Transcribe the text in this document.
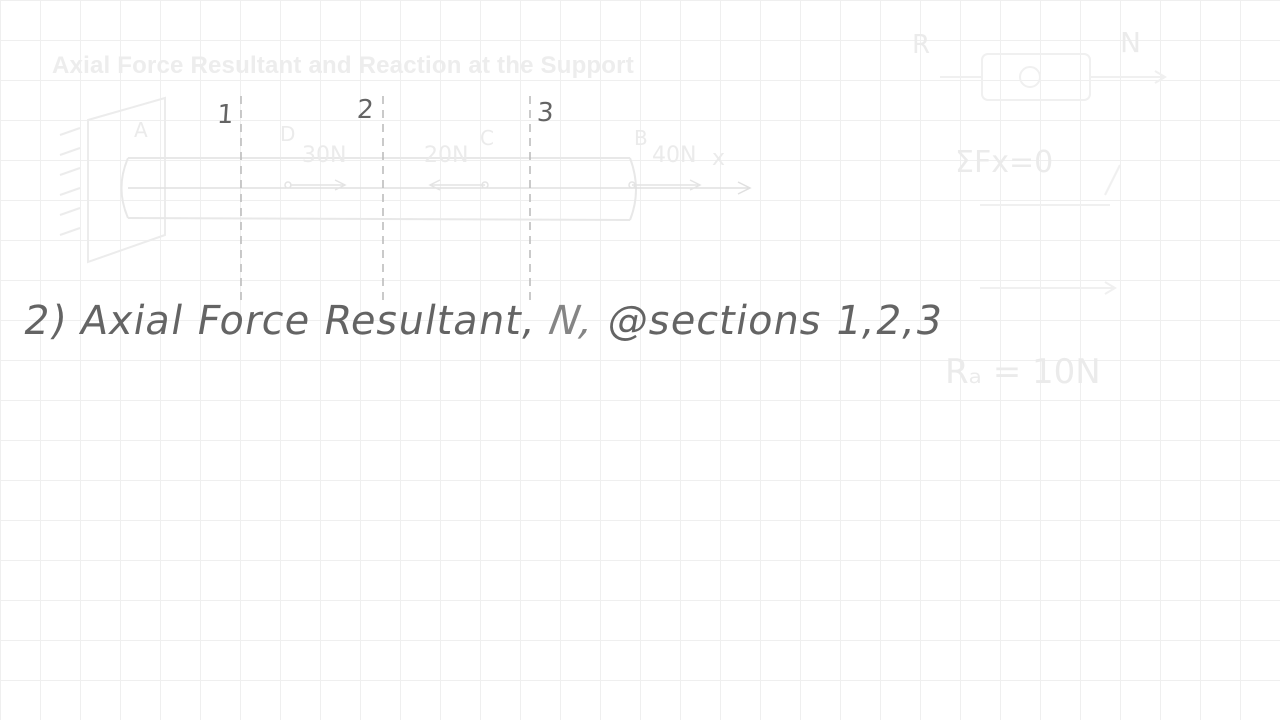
Axial Force Resultant and Reaction at the Support
1	2	3
A	D	C	B
30N	20N	40N x
R	N
ΣFx=0
Rₐ = 10N
2) Axial Force Resultant, N, @sections 1,2,3
